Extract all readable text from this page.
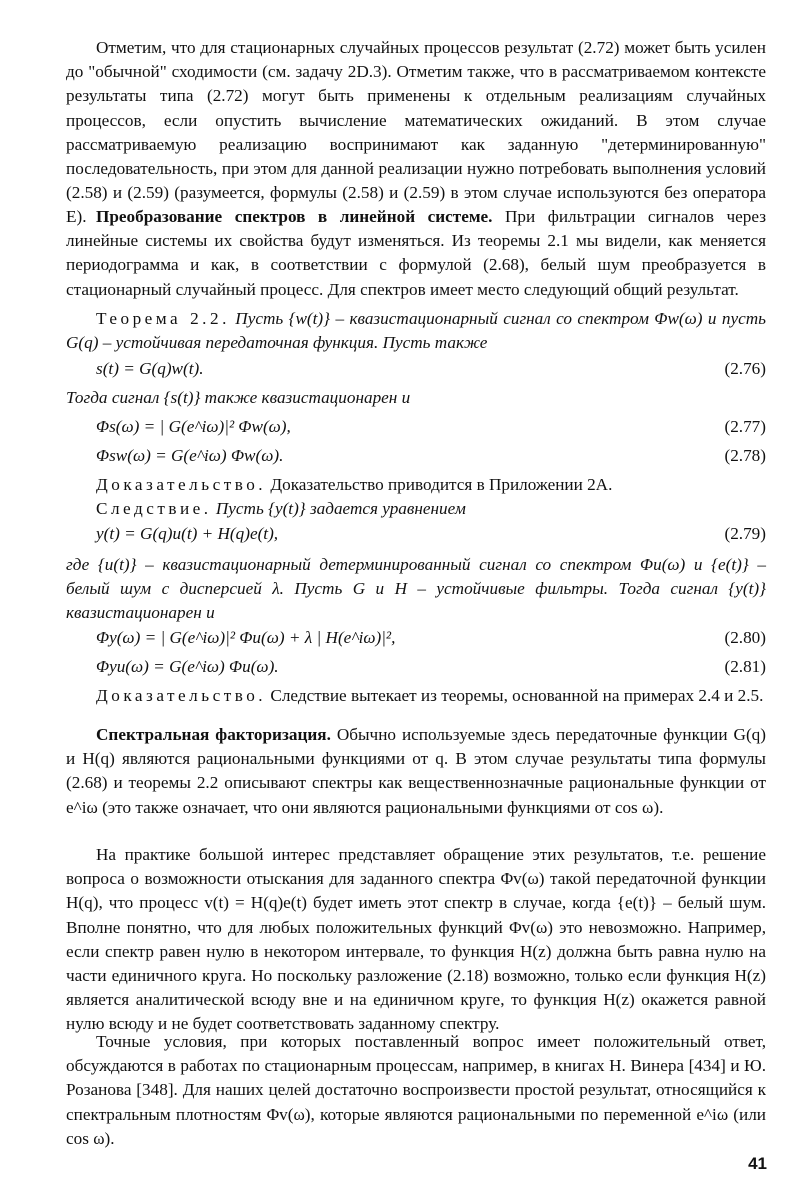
Отметим, что для стационарных случайных процессов результат (2.72) может быть усилен до "обычной" сходимости (см. задачу 2D.3). Отметим также, что в рассматриваемом контексте результаты типа (2.72) могут быть применены к отдельным реализациям случайных процессов, если опустить вычисление математических ожиданий. В этом случае рассматриваемую реализацию воспринимают как заданную "детерминированную" последовательность, при этом для данной реализации нужно потребовать выполнения условий (2.58) и (2.59) (разумеется, формулы (2.58) и (2.59) в этом случае используются без оператора E). Преобразование спектров в линейной системе. При фильтрации сигналов через линейные системы их свойства будут изменяться. Из теоремы 2.1 мы видели, как меняется периодограмма и как, в соответствии с формулой (2.68), белый шум преобразуется в стационарный случайный процесс. Для спектров имеет место следующий общий результат.

Теорема 2.2. Пусть {w(t)} – квазистационарный сигнал со спектром Φw(ω) и пусть G(q) – устойчивая передаточная функция. Пусть также

s(t) = G(q)w(t).	(2.76)

Тогда сигнал {s(t)} также квазистационарен и

Φs(ω) = | G(e^iω)|² Φw(ω),	(2.77)
Φsw(ω) = G(e^iω) Φw(ω).	(2.78)

Доказательство. Доказательство приводится в Приложении 2А.

Следствие. Пусть {y(t)} задается уравнением

y(t) = G(q)u(t) + H(q)e(t),	(2.79)

где {u(t)} – квазистационарный детерминированный сигнал со спектром Φu(ω) и {e(t)} – белый шум с дисперсией λ. Пусть G и H – устойчивые фильтры. Тогда сигнал {y(t)} квазистационарен и

Φy(ω) = | G(e^iω)|² Φu(ω) + λ | H(e^iω)|²,	(2.80)
Φyu(ω) = G(e^iω) Φu(ω).	(2.81)

Доказательство. Следствие вытекает из теоремы, основанной на примерах 2.4 и 2.5.

Спектральная факторизация. Обычно используемые здесь передаточные функции G(q) и H(q) являются рациональными функциями от q. В этом случае результаты типа формулы (2.68) и теоремы 2.2 описывают спектры как вещественнозначные рациональные функции от e^iω (это также означает, что они являются рациональными функциями от cos ω).

На практике большой интерес представляет обращение этих результатов, т.е. решение вопроса о возможности отыскания для заданного спектра Φv(ω) такой передаточной функции H(q), что процесс v(t) = H(q)e(t) будет иметь этот спектр в случае, когда {e(t)} – белый шум. Вполне понятно, что для любых положительных функций Φv(ω) это невозможно. Например, если спектр равен нулю в некотором интервале, то функция H(z) должна быть равна нулю на части единичного круга. Но поскольку разложение (2.18) возможно, только если функция H(z) является аналитической всюду вне и на единичном круге, то функция H(z) окажется равной нулю всюду и не будет соответствовать заданному спектру.

Точные условия, при которых поставленный вопрос имеет положительный ответ, обсуждаются в работах по стационарным процессам, например, в книгах Н. Винера [434] и Ю. Розанова [348]. Для наших целей достаточно воспроизвести простой результат, относящийся к спектральным плотностям Φv(ω), которые являются рациональными по переменной e^iω (или cos ω).

41
